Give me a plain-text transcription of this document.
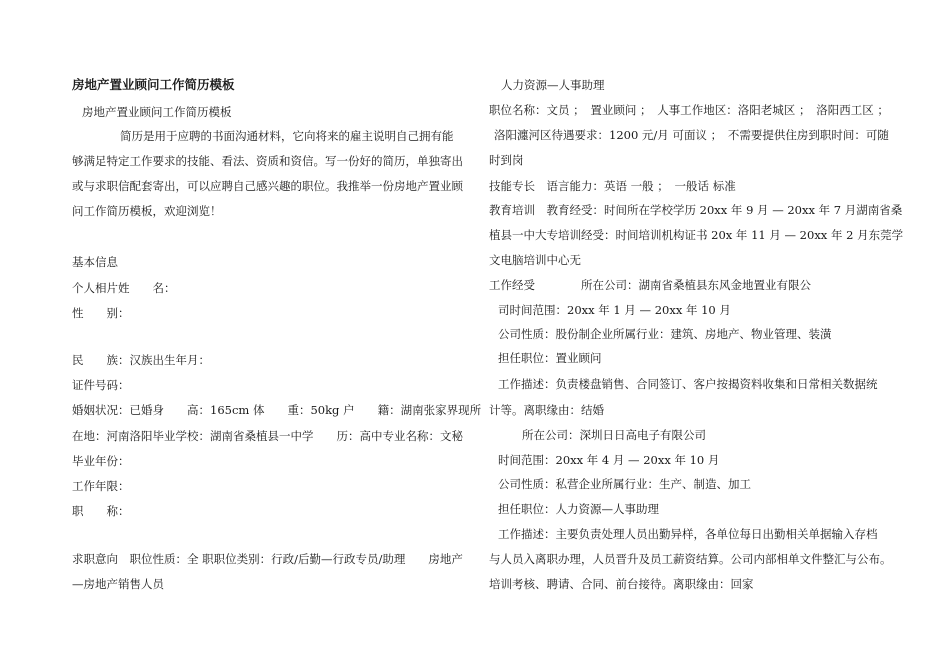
房地产置业顾问工作简历模板
房地产置业顾问工作简历模板
简历是用于应聘的书面沟通材料，它向将来的雇主说明自己拥有能
够满足特定工作要求的技能、看法、资质和资信。写一份好的简历，单独寄出
或与求职信配套寄出，可以应聘自己感兴趣的职位。我推举一份房地产置业顾
问工作简历模板，欢迎浏览！
基本信息
个人相片姓　　名：
性　　别：
民　　族：汉族出生年月：
证件号码：
婚姻状况：已婚身　　高：165cm 体　　重：50kg 户　　籍：湖南张家界现所
在地：河南洛阳毕业学校：湖南省桑植县一中学　　历：高中专业名称：文秘
毕业年份：
工作年限：
职　　称：
求职意向　职位性质：全 职职位类别：行政/后勤—行政专员/助理　　房地产
—房地产销售人员
人力资源—人事助理
职位名称：文员 ；　置业顾问 ；　人事工作地区：洛阳老城区 ；　洛阳西工区 ；
洛阳瀍河区待遇要求：1200 元/月 可面议 ；　不需要提供住房到职时间：可随
时到岗
技能专长　语言能力：英语 一般 ；　一般话 标准
教育培训　教育经受：时间所在学校学历 20xx 年 9 月 — 20xx 年 7 月湖南省桑
植县一中大专培训经受：时间培训机构证书 20x 年 11 月 — 20xx 年 2 月东莞学
文电脑培训中心无
工作经受　　　　所在公司：湖南省桑植县东风金地置业有限公
司时间范围：20xx 年 1 月 — 20xx 年 10 月
公司性质：股份制企业所属行业：建筑、房地产、物业管理、装潢
担任职位：置业顾问
工作描述：负责楼盘销售、合同签订、客户按揭资料收集和日常相关数据统
计等。离职缘由：结婚
所在公司：深圳日日高电子有限公司
时间范围：20xx 年 4 月 — 20xx 年 10 月
公司性质：私营企业所属行业：生产、制造、加工
担任职位：人力资源—人事助理
工作描述：主要负责处理人员出勤异样，各单位每日出勤相关单据输入存档
与人员入离职办理，人员晋升及员工薪资结算。公司内部相单文件整汇与公布。
培训考核、聘请、合同、前台接待。离职缘由：回家
